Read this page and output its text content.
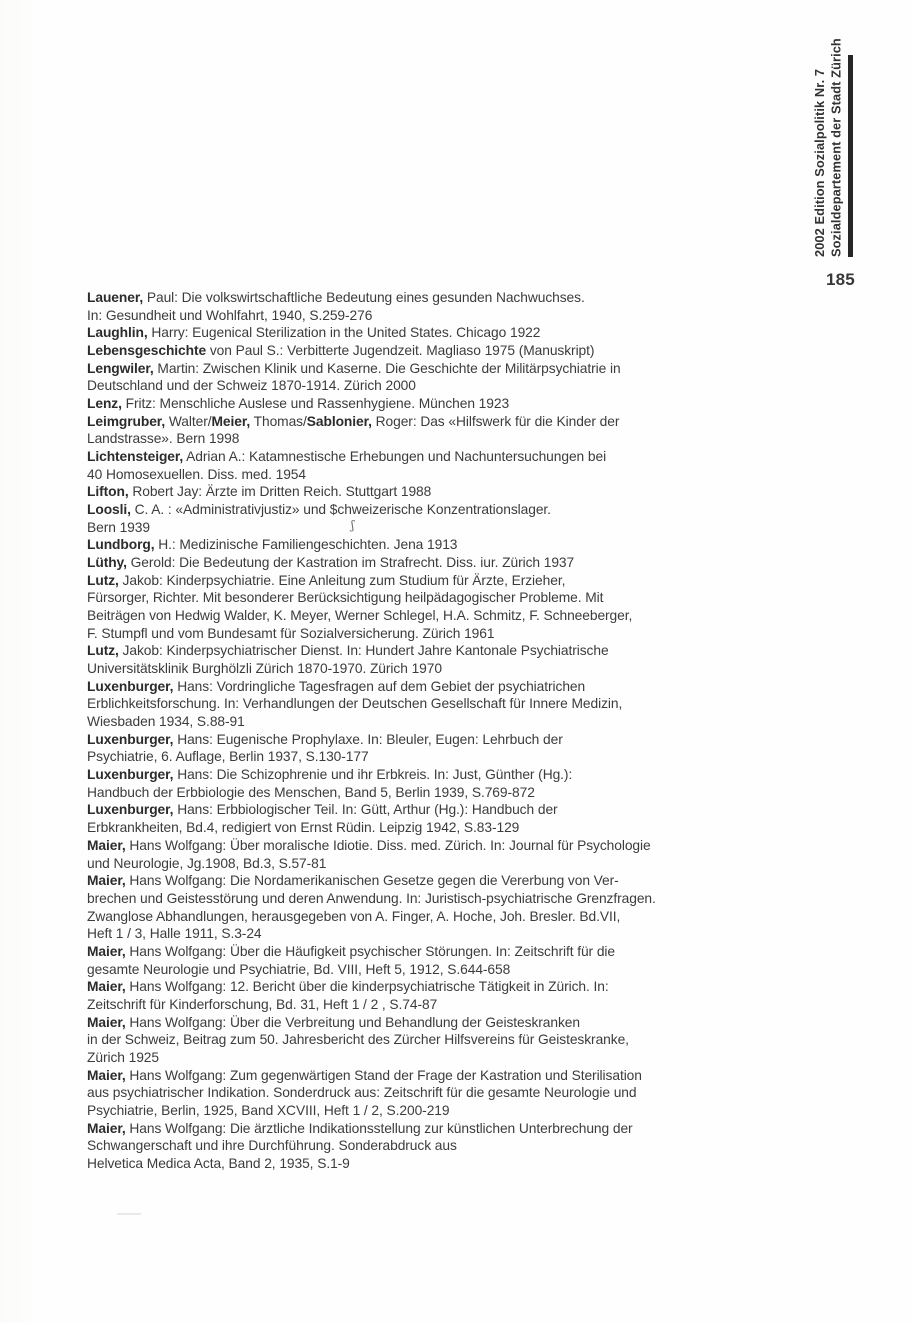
2002 Edition Sozialpolitik Nr. 7 Sozialdepartement der Stadt Zürich
185
Lauener, Paul: Die volkswirtschaftliche Bedeutung eines gesunden Nachwuchses.
In: Gesundheit und Wohlfahrt, 1940, S.259-276
Laughlin, Harry: Eugenical Sterilization in the United States. Chicago 1922
Lebensgeschichte von Paul S.: Verbitterte Jugendzeit. Magliaso 1975 (Manuskript)
Lengwiler, Martin: Zwischen Klinik und Kaserne. Die Geschichte der Militärpsychiatrie in
Deutschland und der Schweiz 1870-1914. Zürich 2000
Lenz, Fritz: Menschliche Auslese und Rassenhygiene. München 1923
Leimgruber, Walter/Meier, Thomas/Sablonier, Roger: Das «Hilfswerk für die Kinder der
Landstrasse». Bern 1998
Lichtensteiger, Adrian A.: Katamnestische Erhebungen und Nachuntersuchungen bei
40 Homosexuellen. Diss. med. 1954
Lifton, Robert Jay: Ärzte im Dritten Reich. Stuttgart 1988
Loosli, C. A. : «Administrativjustiz» und $chweizerische Konzentrationslager.
Bern 1939
Lundborg, H.: Medizinische Familiengeschichten. Jena 1913
Lüthy, Gerold: Die Bedeutung der Kastration im Strafrecht. Diss. iur. Zürich 1937
Lutz, Jakob: Kinderpsychiatrie. Eine Anleitung zum Studium für Ärzte, Erzieher,
Fürsorger, Richter. Mit besonderer Berücksichtigung heilpädagogischer Probleme. Mit
Beiträgen von Hedwig Walder, K. Meyer, Werner Schlegel, H.A. Schmitz, F. Schneeberger,
F. Stumpfl und vom Bundesamt für Sozialversicherung. Zürich 1961
Lutz, Jakob: Kinderpsychiatrischer Dienst. In: Hundert Jahre Kantonale Psychiatrische
Universitätsklinik Burghölzli Zürich 1870-1970. Zürich 1970
Luxenburger, Hans: Vordringliche Tagesfragen auf dem Gebiet der psychiatrichen
Erblichkeitsforschung. In: Verhandlungen der Deutschen Gesellschaft für Innere Medizin,
Wiesbaden 1934, S.88-91
Luxenburger, Hans: Eugenische Prophylaxe. In: Bleuler, Eugen: Lehrbuch der
Psychiatrie, 6. Auflage, Berlin 1937, S.130-177
Luxenburger, Hans: Die Schizophrenie und ihr Erbkreis. In: Just, Günther (Hg.):
Handbuch der Erbbiologie des Menschen, Band 5, Berlin 1939, S.769-872
Luxenburger, Hans: Erbbiologischer Teil. In: Gütt, Arthur (Hg.): Handbuch der
Erbkrankheiten, Bd.4, redigiert von Ernst Rüdin. Leipzig 1942, S.83-129
Maier, Hans Wolfgang: Über moralische Idiotie. Diss. med. Zürich. In: Journal für Psychologie
und Neurologie, Jg.1908, Bd.3, S.57-81
Maier, Hans Wolfgang: Die Nordamerikanischen Gesetze gegen die Vererbung von Ver-
brechen und Geistesstörung und deren Anwendung. In: Juristisch-psychiatrische Grenzfragen.
Zwanglose Abhandlungen, herausgegeben von A. Finger, A. Hoche, Joh. Bresler. Bd.VII,
Heft 1 / 3, Halle 1911, S.3-24
Maier, Hans Wolfgang: Über die Häufigkeit psychischer Störungen. In: Zeitschrift für die
gesamte Neurologie und Psychiatrie, Bd. VIII, Heft 5, 1912, S.644-658
Maier, Hans Wolfgang: 12. Bericht über die kinderpsychiatrische Tätigkeit in Zürich. In:
Zeitschrift für Kinderforschung, Bd. 31, Heft 1 / 2 , S.74-87
Maier, Hans Wolfgang: Über die Verbreitung und Behandlung der Geisteskranken
in der Schweiz, Beitrag zum 50. Jahresbericht des Zürcher Hilfsvereins für Geisteskranke,
Zürich 1925
Maier, Hans Wolfgang: Zum gegenwärtigen Stand der Frage der Kastration und Sterilisation
aus psychiatrischer Indikation. Sonderdruck aus: Zeitschrift für die gesamte Neurologie und
Psychiatrie, Berlin, 1925, Band XCVIII, Heft 1 / 2, S.200-219
Maier, Hans Wolfgang: Die ärztliche Indikationsstellung zur künstlichen Unterbrechung der
Schwangerschaft und ihre Durchführung. Sonderabdruck aus
Helvetica Medica Acta, Band 2, 1935, S.1-9
ʃ
